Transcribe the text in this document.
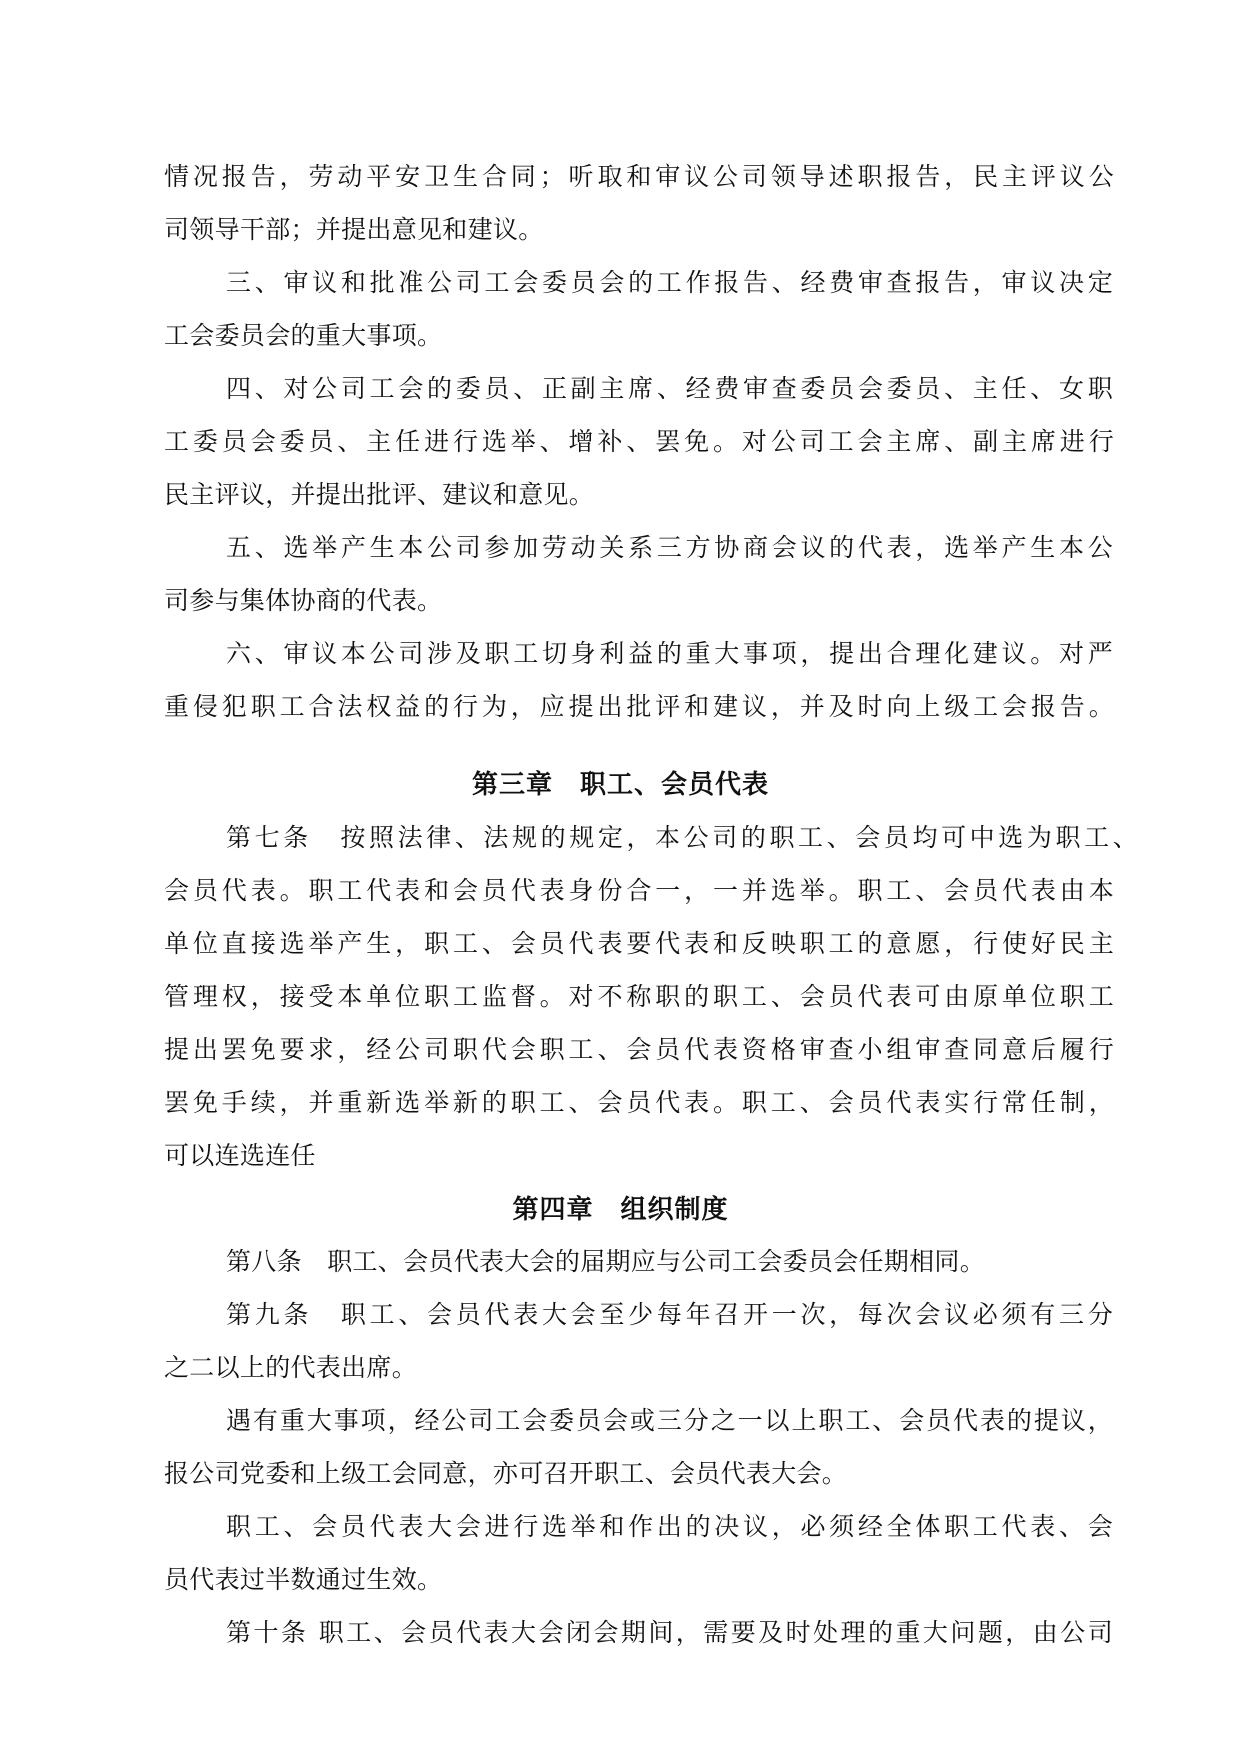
情况报告，劳动平安卫生合同；听取和审议公司领导述职报告，民主评议公
司领导干部；并提出意见和建议。
三、审议和批准公司工会委员会的工作报告、经费审查报告，审议决定
工会委员会的重大事项。
四、对公司工会的委员、正副主席、经费审查委员会委员、主任、女职
工委员会委员、主任进行选举、增补、罢免。对公司工会主席、副主席进行
民主评议，并提出批评、建议和意见。
五、选举产生本公司参加劳动关系三方协商会议的代表，选举产生本公
司参与集体协商的代表。
六、审议本公司涉及职工切身利益的重大事项，提出合理化建议。对严
重侵犯职工合法权益的行为，应提出批评和建议，并及时向上级工会报告。
第三章　职工、会员代表
第七条　按照法律、法规的规定，本公司的职工、会员均可中选为职工、
会员代表。职工代表和会员代表身份合一，一并选举。职工、会员代表由本
单位直接选举产生，职工、会员代表要代表和反映职工的意愿，行使好民主
管理权，接受本单位职工监督。对不称职的职工、会员代表可由原单位职工
提出罢免要求，经公司职代会职工、会员代表资格审查小组审查同意后履行
罢免手续，并重新选举新的职工、会员代表。职工、会员代表实行常任制，
可以连选连任
第四章　组织制度
第八条　职工、会员代表大会的届期应与公司工会委员会任期相同。
第九条　职工、会员代表大会至少每年召开一次，每次会议必须有三分
之二以上的代表出席。
遇有重大事项，经公司工会委员会或三分之一以上职工、会员代表的提议，
报公司党委和上级工会同意，亦可召开职工、会员代表大会。
职工、会员代表大会进行选举和作出的决议，必须经全体职工代表、会
员代表过半数通过生效。
第十条 职工、会员代表大会闭会期间，需要及时处理的重大问题，由公司
